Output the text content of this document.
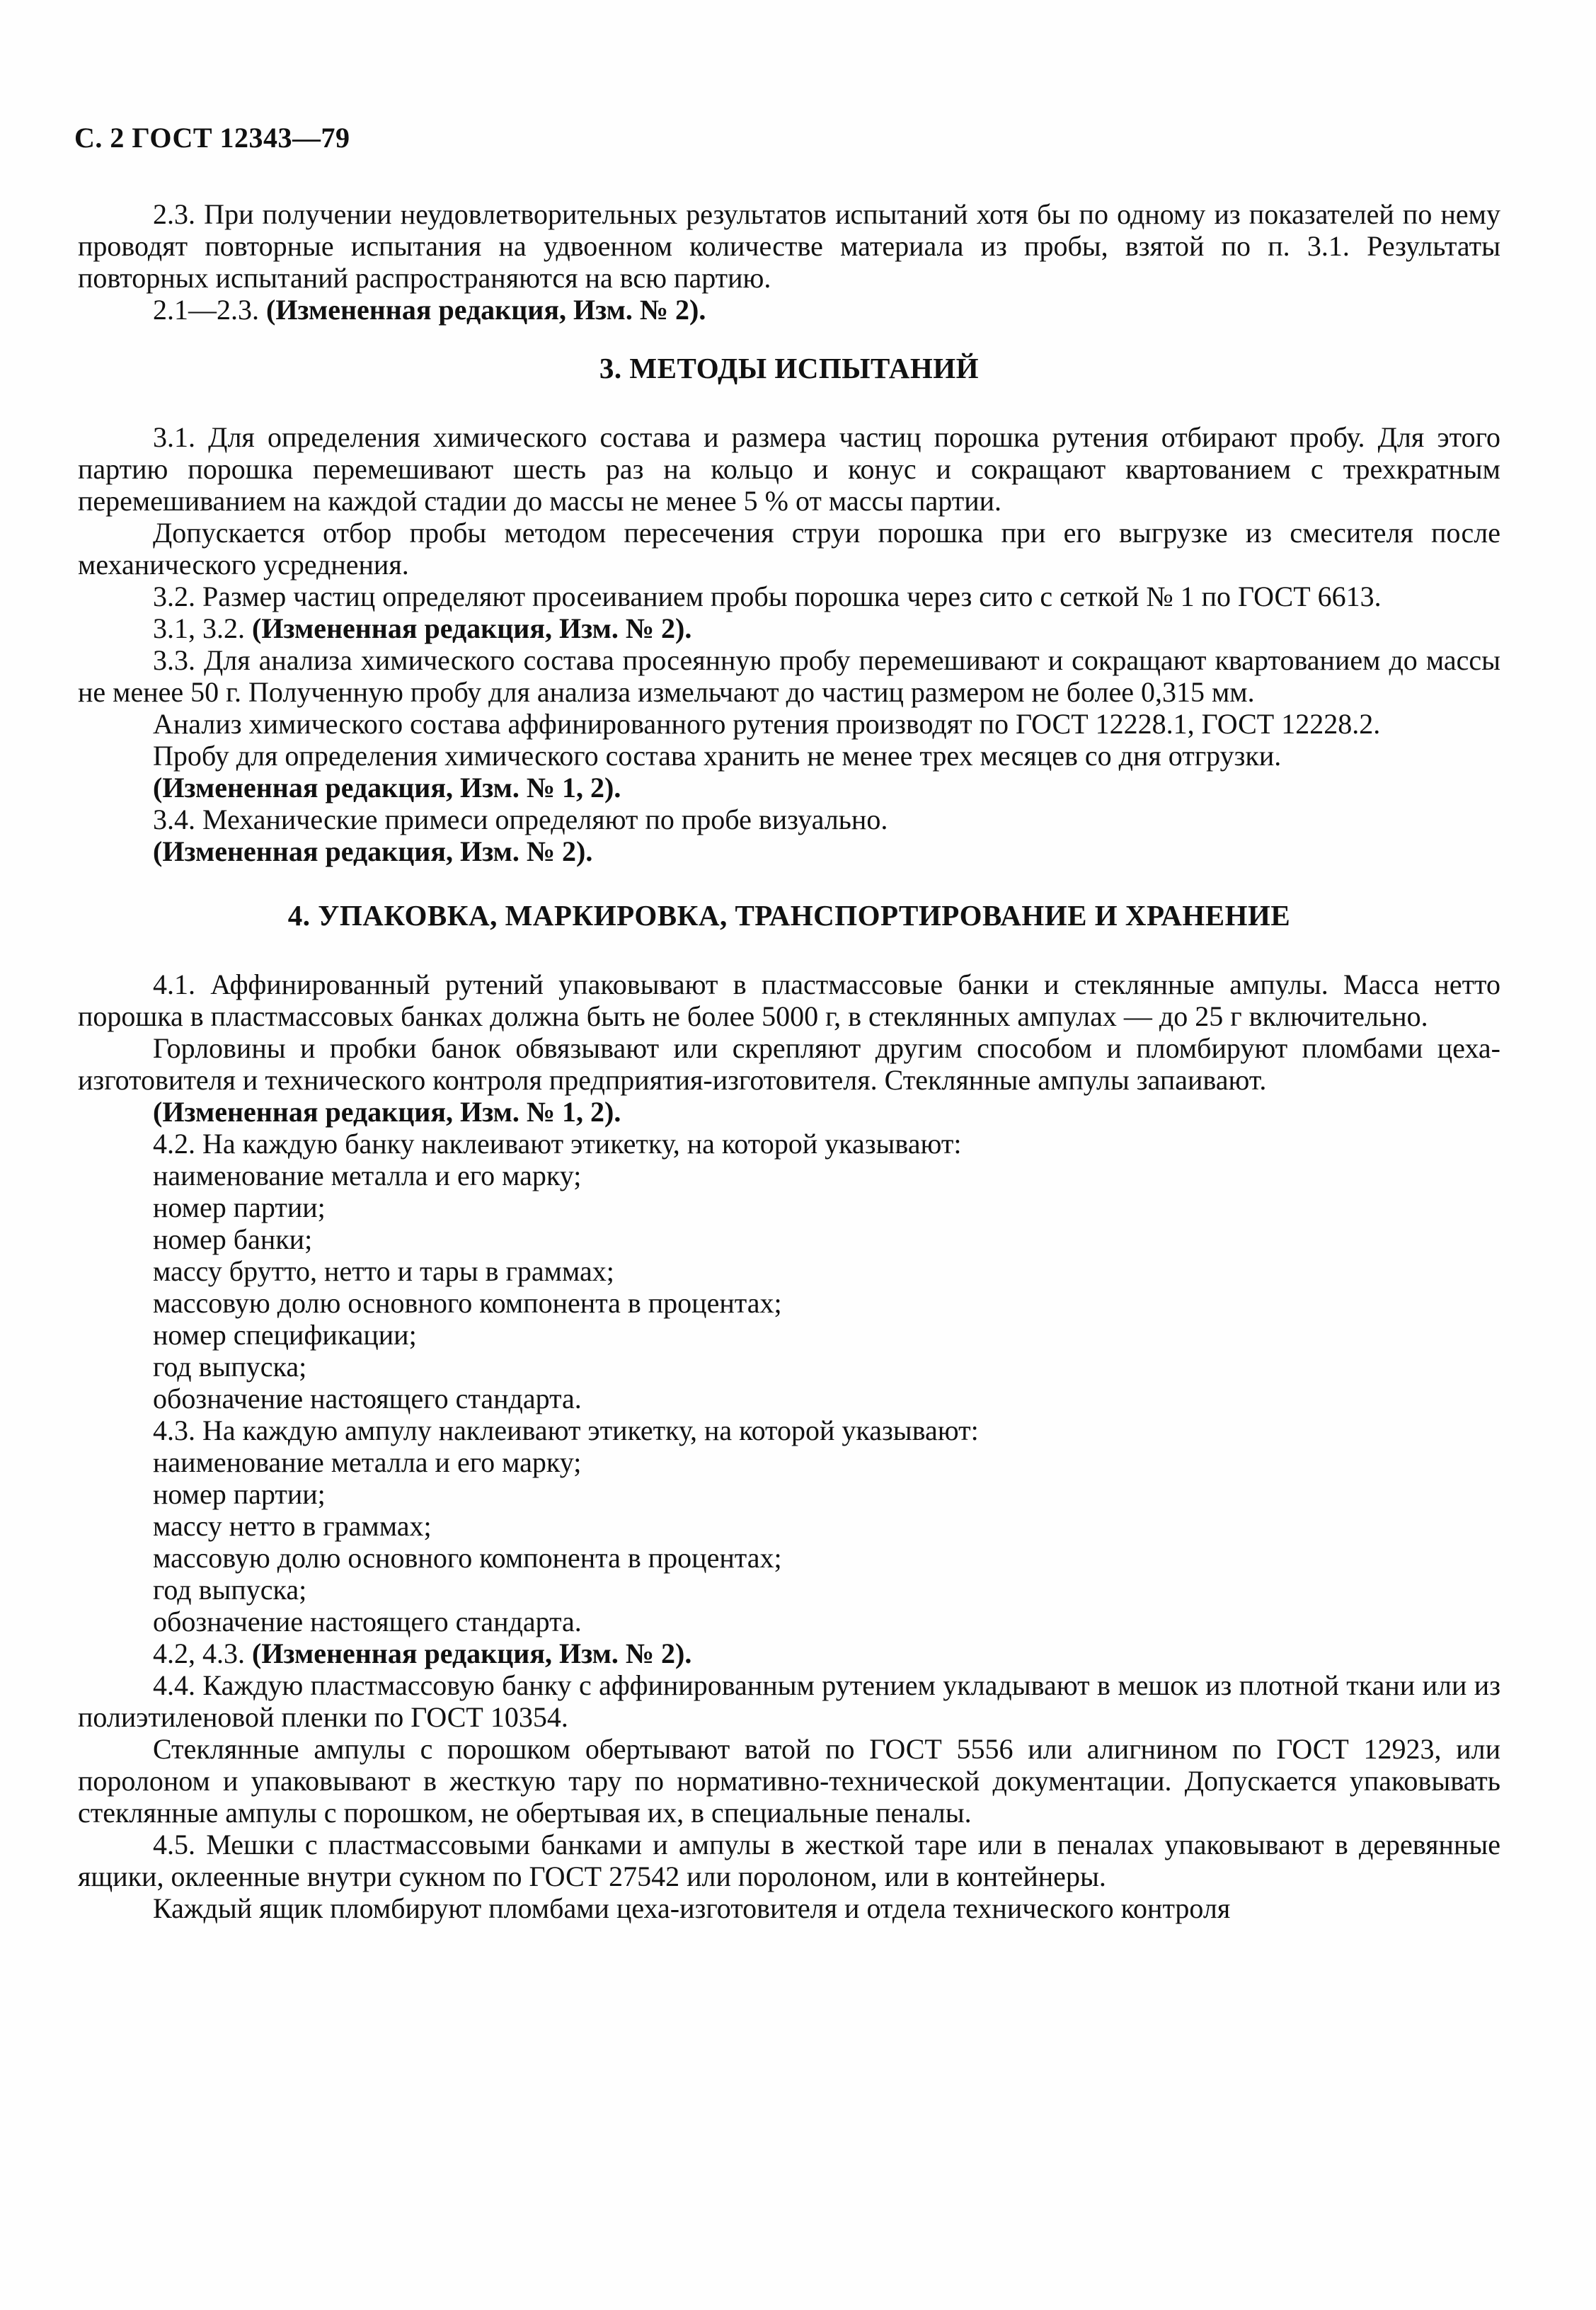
С. 2 ГОСТ 12343—79

2.3. При получении неудовлетворительных результатов испытаний хотя бы по одному из показателей по нему проводят повторные испытания на удвоенном количестве материала из пробы, взятой по п. 3.1. Результаты повторных испытаний распространяются на всю партию.

2.1—2.3. (Измененная редакция, Изм. № 2).

3. МЕТОДЫ ИСПЫТАНИЙ

3.1. Для определения химического состава и размера частиц порошка рутения отбирают пробу. Для этого партию порошка перемешивают шесть раз на кольцо и конус и сокращают квартованием с трехкратным перемешиванием на каждой стадии до массы не менее 5 % от массы партии.

Допускается отбор пробы методом пересечения струи порошка при его выгрузке из смесителя после механического усреднения.

3.2. Размер частиц определяют просеиванием пробы порошка через сито с сеткой № 1 по ГОСТ 6613.

3.1, 3.2. (Измененная редакция, Изм. № 2).

3.3. Для анализа химического состава просеянную пробу перемешивают и сокращают квартованием до массы не менее 50 г. Полученную пробу для анализа измельчают до частиц размером не более 0,315 мм.

Анализ химического состава аффинированного рутения производят по ГОСТ 12228.1, ГОСТ 12228.2.

Пробу для определения химического состава хранить не менее трех месяцев со дня отгрузки.

(Измененная редакция, Изм. № 1, 2).

3.4. Механические примеси определяют по пробе визуально.

(Измененная редакция, Изм. № 2).

4. УПАКОВКА, МАРКИРОВКА, ТРАНСПОРТИРОВАНИЕ И ХРАНЕНИЕ

4.1. Аффинированный рутений упаковывают в пластмассовые банки и стеклянные ампулы. Масса нетто порошка в пластмассовых банках должна быть не более 5000 г, в стеклянных ампулах — до 25 г включительно.

Горловины и пробки банок обвязывают или скрепляют другим способом и пломбируют пломбами цеха-изготовителя и технического контроля предприятия-изготовителя. Стеклянные ампулы запаивают.

(Измененная редакция, Изм. № 1, 2).

4.2. На каждую банку наклеивают этикетку, на которой указывают:

наименование металла и его марку;
номер партии;
номер банки;
массу брутто, нетто и тары в граммах;
массовую долю основного компонента в процентах;
номер спецификации;
год выпуска;
обозначение настоящего стандарта.

4.3. На каждую ампулу наклеивают этикетку, на которой указывают:

наименование металла и его марку;
номер партии;
массу нетто в граммах;
массовую долю основного компонента в процентах;
год выпуска;
обозначение настоящего стандарта.

4.2, 4.3. (Измененная редакция, Изм. № 2).

4.4. Каждую пластмассовую банку с аффинированным рутением укладывают в мешок из плотной ткани или из полиэтиленовой пленки по ГОСТ 10354.

Стеклянные ампулы с порошком обертывают ватой по ГОСТ 5556 или алигнином по ГОСТ 12923, или поролоном и упаковывают в жесткую тару по нормативно-технической документации. Допускается упаковывать стеклянные ампулы с порошком, не обертывая их, в специальные пеналы.

4.5. Мешки с пластмассовыми банками и ампулы в жесткой таре или в пеналах упаковывают в деревянные ящики, оклеенные внутри сукном по ГОСТ 27542 или поролоном, или в контейнеры.

Каждый ящик пломбируют пломбами цеха-изготовителя и отдела технического контроля
